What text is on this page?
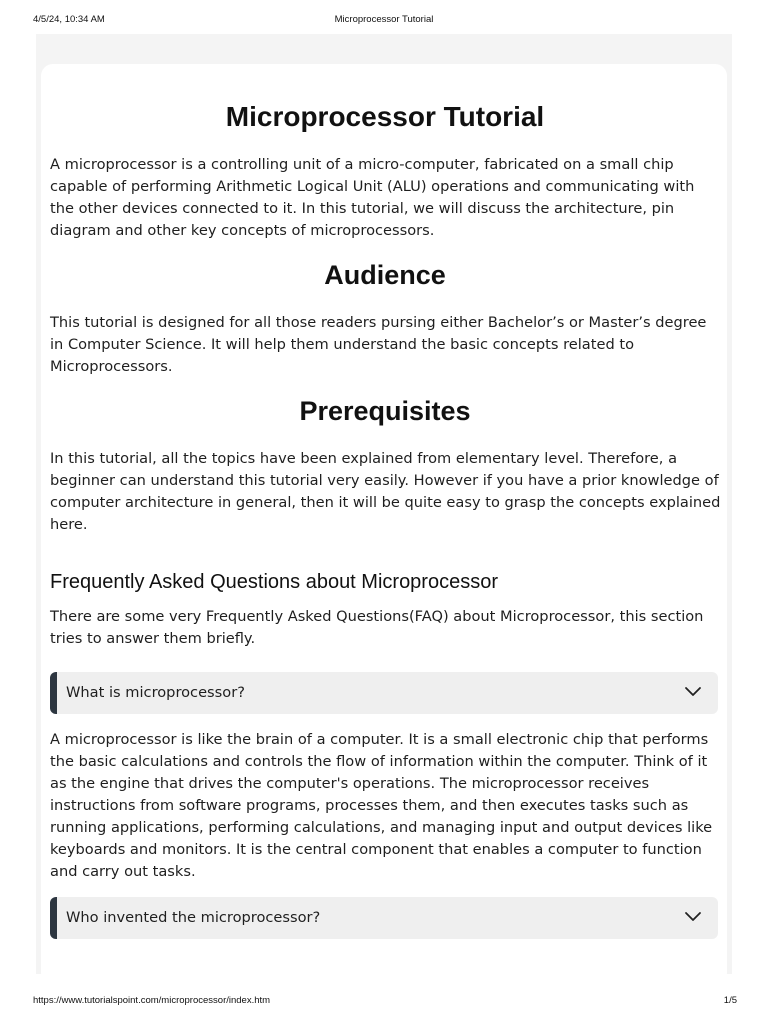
4/5/24, 10:34 AM	Microprocessor Tutorial
Microprocessor Tutorial

A microprocessor is a controlling unit of a micro-computer, fabricated on a small chip capable of performing Arithmetic Logical Unit (ALU) operations and communicating with the other devices connected to it. In this tutorial, we will discuss the architecture, pin diagram and other key concepts of microprocessors.

Audience

This tutorial is designed for all those readers pursing either Bachelor’s or Master’s degree in Computer Science. It will help them understand the basic concepts related to Microprocessors.

Prerequisites

In this tutorial, all the topics have been explained from elementary level. Therefore, a beginner can understand this tutorial very easily. However if you have a prior knowledge of computer architecture in general, then it will be quite easy to grasp the concepts explained here.

Frequently Asked Questions about Microprocessor

There are some very Frequently Asked Questions(FAQ) about Microprocessor, this section tries to answer them briefly.

What is microprocessor?

A microprocessor is like the brain of a computer. It is a small electronic chip that performs the basic calculations and controls the flow of information within the computer. Think of it as the engine that drives the computer's operations. The microprocessor receives instructions from software programs, processes them, and then executes tasks such as running applications, performing calculations, and managing input and output devices like keyboards and monitors. It is the central component that enables a computer to function and carry out tasks.

Who invented the microprocessor?
https://www.tutorialspoint.com/microprocessor/index.htm	1/5
